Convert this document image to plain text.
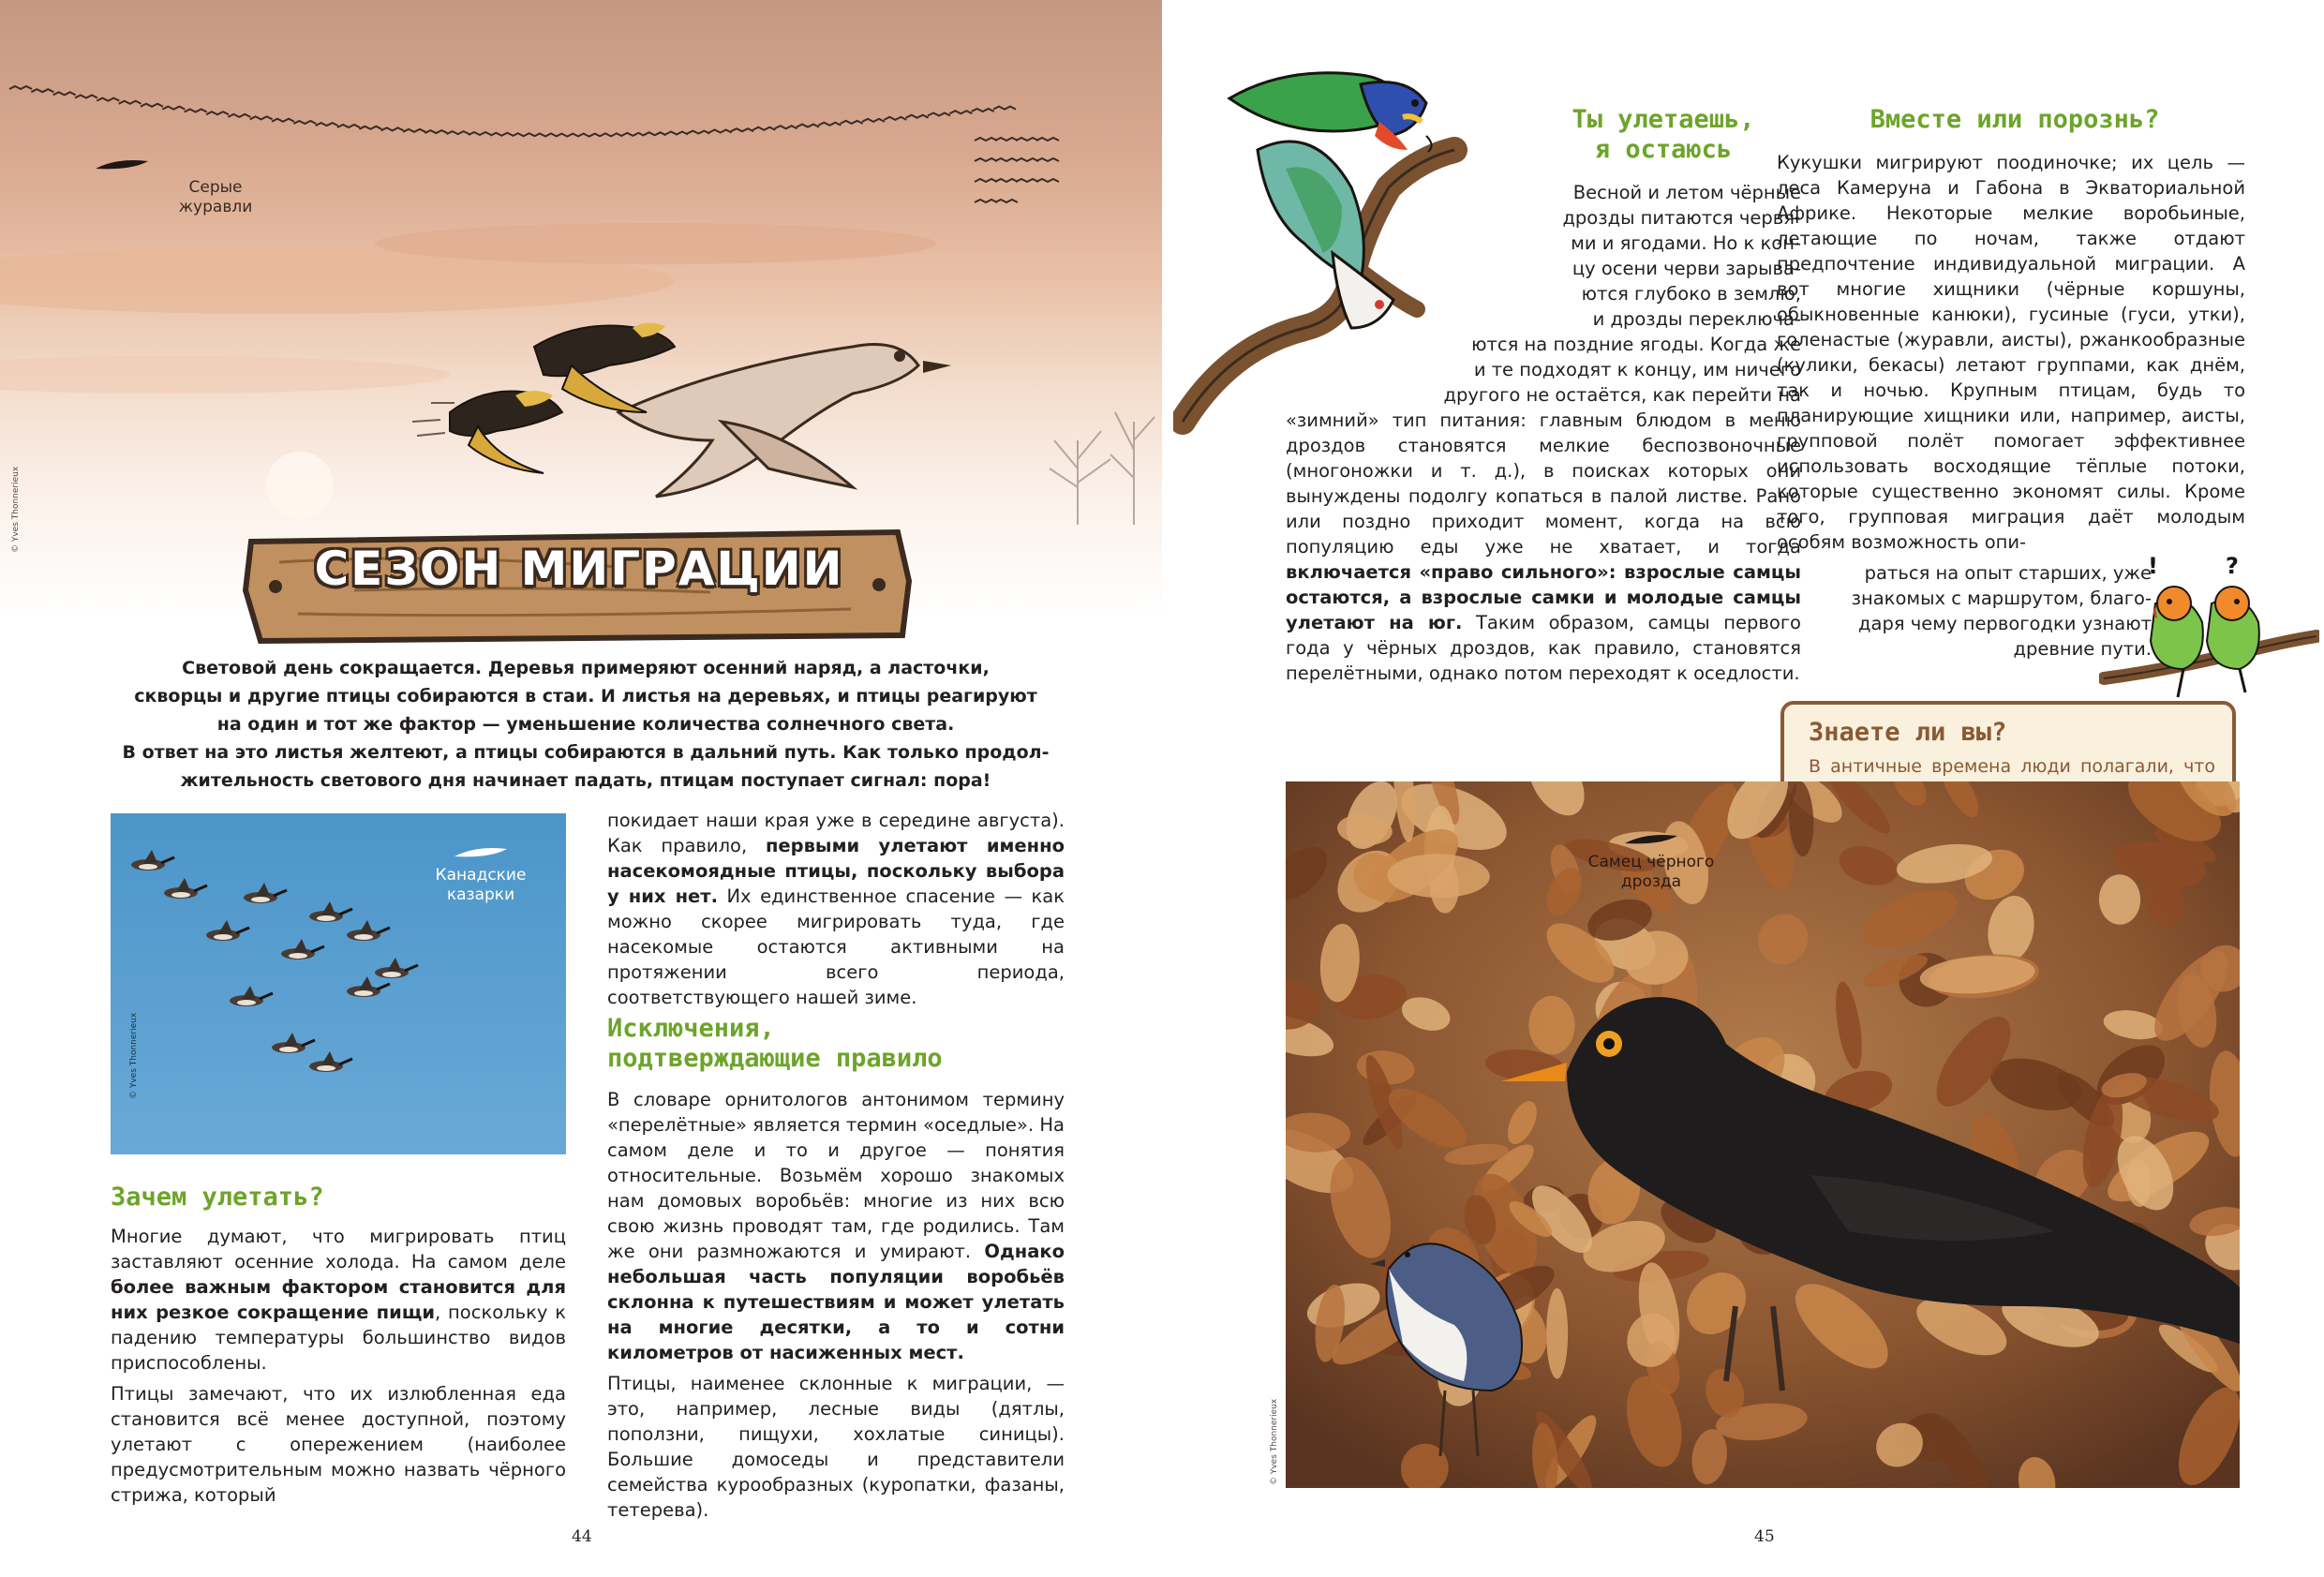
Серые
журавли
© Yves Thonnerieux
СЕЗОН МИГРАЦИИ
Световой день сокращается. Деревья примеряют осенний наряд, а ласточки,
скворцы и другие птицы собираются в стаи. И листья на деревьях, и птицы реагируют
на один и тот же фактор — уменьшение количества солнечного света.
В ответ на это листья желтеют, а птицы собираются в дальний путь. Как только продол-
жительность светового дня начинает падать, птицам поступает сигнал: пора!
Канадские
казарки
© Yves Thonnerieux
Зачем улетать?

Многие думают, что мигрировать птиц заставляют осенние холода. На самом деле более важным фактором становится для них резкое сокращение пищи, поскольку к падению температуры большинство видов приспособлены.

Птицы замечают, что их излюбленная еда становится всё менее доступной, поэтому улетают с опережением (наиболее предусмотрительным можно назвать чёрного стрижа, который

покидает наши края уже в середине августа). Как правило, первыми улетают именно насекомоядные птицы, поскольку выбора у них нет. Их единственное спасение — как можно скорее мигрировать туда, где насекомые остаются активными на протяжении всего периода, соответствующего нашей зиме.

Исключения,
подтверждающие правило

В словаре орнитологов антонимом термину «перелётные» является термин «оседлые». На самом деле и то и другое — понятия относительные. Возьмём хорошо знакомых нам домовых воробьёв: многие из них всю свою жизнь проводят там, где родились. Там же они размножаются и умирают. Однако небольшая часть популяции воробьёв склонна к путешествиям и может улетать на многие десятки, а то и сотни километров от насиженных мест.

Птицы, наименее склонные к миграции, — это, например, лесные виды (дятлы, поползни, пищухи, хохлатые синицы). Большие домоседы и представители семейства курообразных (куропатки, фазаны, тетерева).

44
Ты улетаешь,
я остаюсь
Весной и летом чёрные
дрозды питаются червя-
ми и ягодами. Но к кон-
цу осени черви зарыва-
ются глубоко в землю,
и дрозды переключа-
ются на поздние ягоды. Когда же
и те подходят к концу, им ничего
другого не остаётся, как перейти на

«зимний» тип питания: главным блюдом в меню дроздов становятся мелкие беспозвоночные (многоножки и т. д.), в поисках которых они вынуждены подолгу копаться в палой листве. Рано или поздно приходит момент, когда на всю популяцию еды уже не хватает, и тогда включается «право сильного»: взрослые самцы остаются, а взрослые самки и молодые самцы улетают на юг. Таким образом, самцы первого года у чёрных дроздов, как правило, становятся перелётными, однако потом переходят к оседлости.

Вместе или порознь?

Кукушки мигрируют поодиночке; их цель — леса Камеруна и Габона в Экваториальной Африке. Некоторые мелкие воробьиные, летающие по ночам, также отдают предпочтение индивидуальной миграции. А вот многие хищники (чёрные коршуны, обыкновенные канюки), гусиные (гуси, утки), голенастые (журавли, аисты), ржанкообразные (кулики, бекасы) летают группами, как днём, так и ночью. Крупным птицам, будь то планирующие хищники или, например, аисты, групповой полёт помогает эффективнее использовать восходящие тёплые потоки, которые существенно экономят силы. Кроме того, групповая миграция даёт молодым особям возможность опи-

раться на опыт старших, уже
знакомых с маршрутом, благо-
даря чему первогодки узнают
древние пути.
!	?
Знаете ли вы?
В античные времена люди полагали, что
Самец чёрного
дрозда
© Yves Thonnerieux
45
